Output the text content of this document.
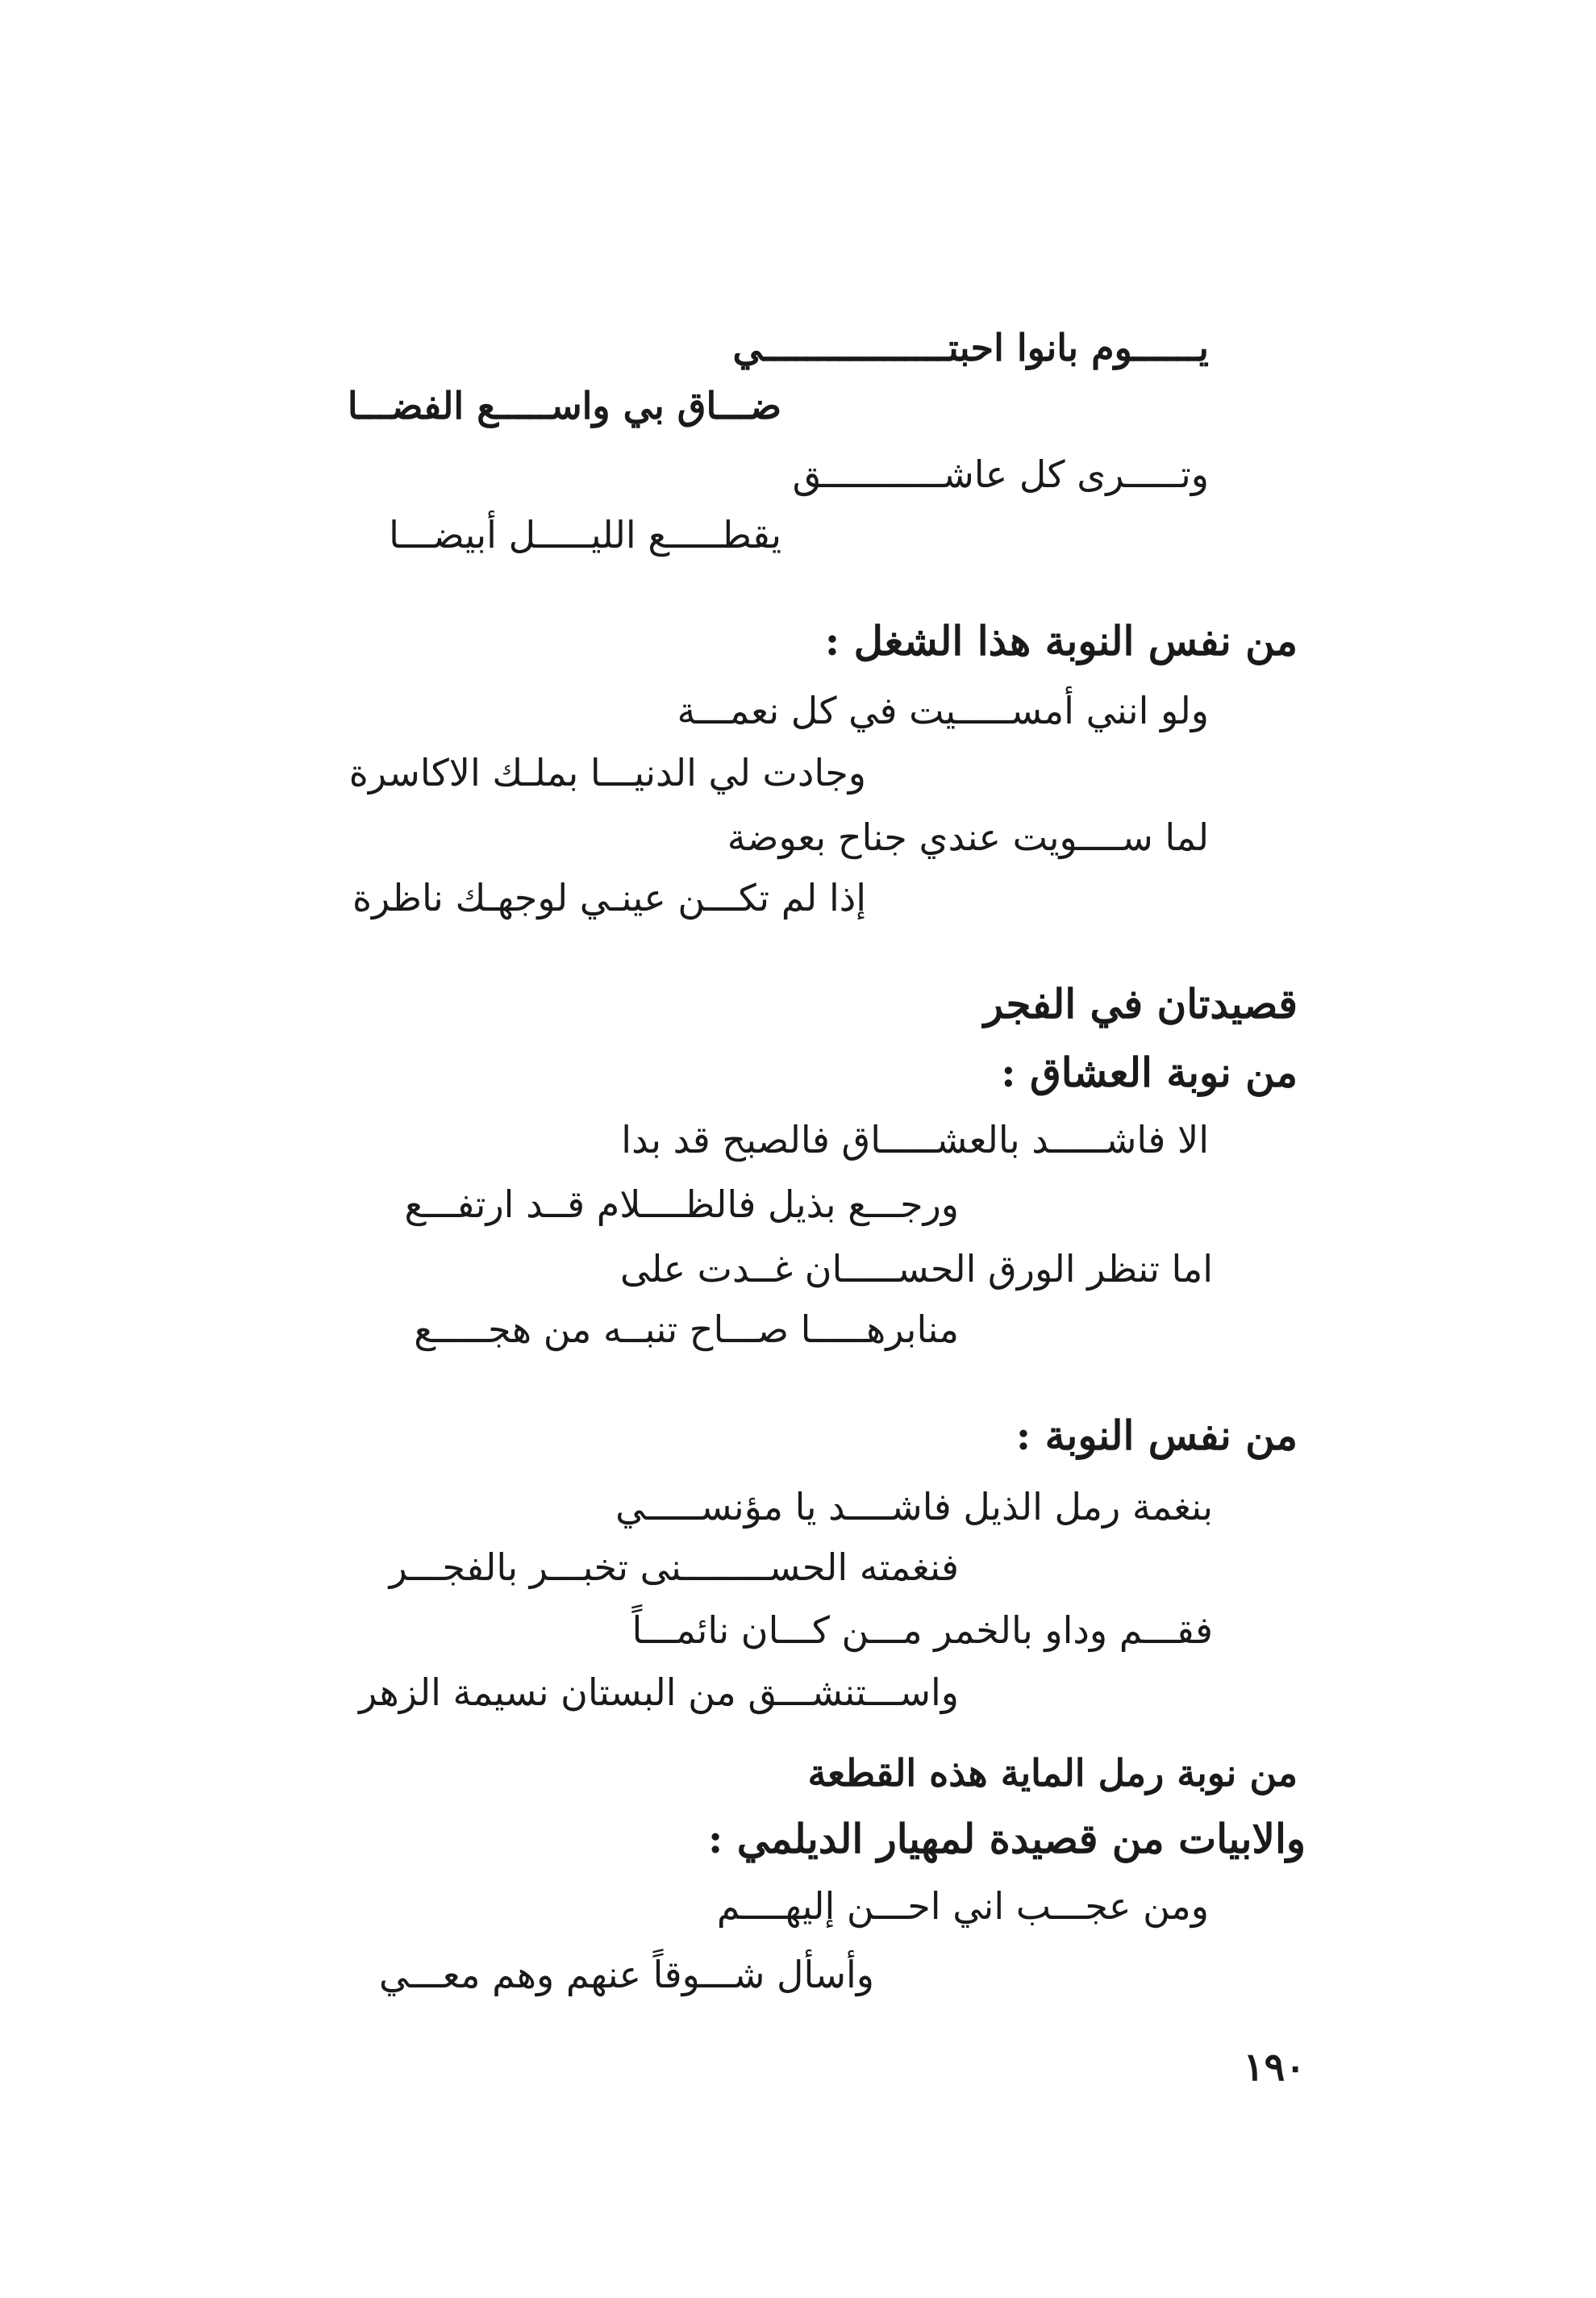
يــــــوم بانوا احبتـــــــــــــــــي
ضـــاق بي واســـــع الفضـــا
وتـــــرى كل عاشـــــــــــق
يقطـــــع الليـــــل أبيضـــا
من نفس النوبة هذا الشغل :
ولو انني أمســـــيت في كل نعمـــة
وجادت لي الدنيـــا بملـك الاكاسرة
لما ســــويت عندي جناح بعوضة
إذا لم تكـــن عينـي لوجهـك ناظرة
قصيدتان في الفجر
من نوبة العشاق :
الا فاشـــــد بالعشـــــاق فالصبح قد بدا
ورجـــع بذيل فالظــــلام قــد ارتفـــع
اما تنظر الورق الحســـــان غــدت على
منابرهـــــا صـــاح تنبــه من هجـــــع
من نفس النوبة :
بنغمة رمل الذيل فاشــــد يا مؤنســـــي
فنغمته الحســــــــنى تخبـــر بالفجـــر
فقـــم وداو بالخمر مـــن كـــان نائمـــاً
واســـتنشـــق من البستان نسيمة الزهر
من نوبة رمل الماية هذه القطعة
والابيات من قصيدة لمهيار الديلمي :
ومن عجـــب اني احـــن إليهــــم
وأسأل شـــوقاً عنهم وهم معـــي
١٩٠
